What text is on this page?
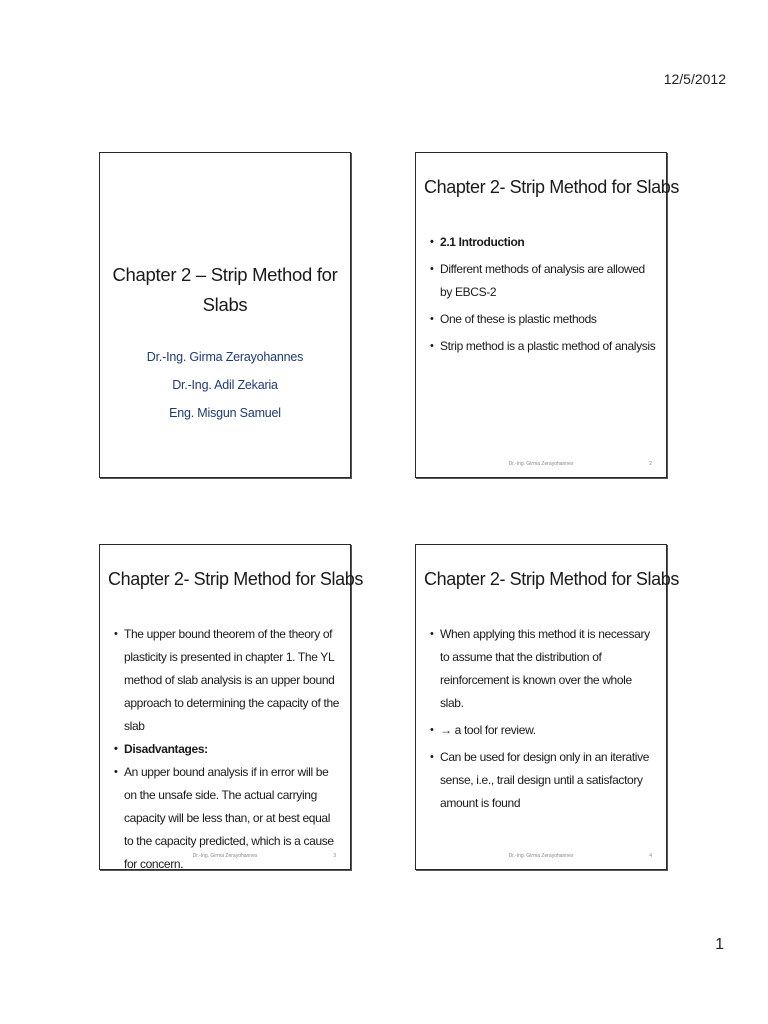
12/5/2012
Chapter 2 – Strip Method for Slabs
Dr.-Ing. Girma Zerayohannes
Dr.-Ing. Adil Zekaria
Eng. Misgun Samuel
Chapter 2- Strip Method for Slabs
• 2.1 Introduction
• Different methods of analysis are allowed by EBCS-2
• One of these is plastic methods
• Strip method is a plastic method of analysis
Dr.-Ing. Girma Zerayohannes	2
Chapter 2- Strip Method for Slabs
• The upper bound theorem of the theory of plasticity is presented in chapter 1. The YL method of slab analysis is an upper bound approach to determining the capacity of the slab
• Disadvantages:
• An upper bound analysis if in error will be on the unsafe side. The actual carrying capacity will be less than, or at best equal to the capacity predicted, which is a cause for concern.
Dr.-Ing. Girma Zerayohannes	3
Chapter 2- Strip Method for Slabs
• When applying this method it is necessary to assume that the distribution of reinforcement is known over the whole slab.
• → a tool for review.
• Can be used for design only in an iterative sense, i.e., trail design until a satisfactory amount is found
Dr.-Ing. Girma Zerayohannes	4
1
